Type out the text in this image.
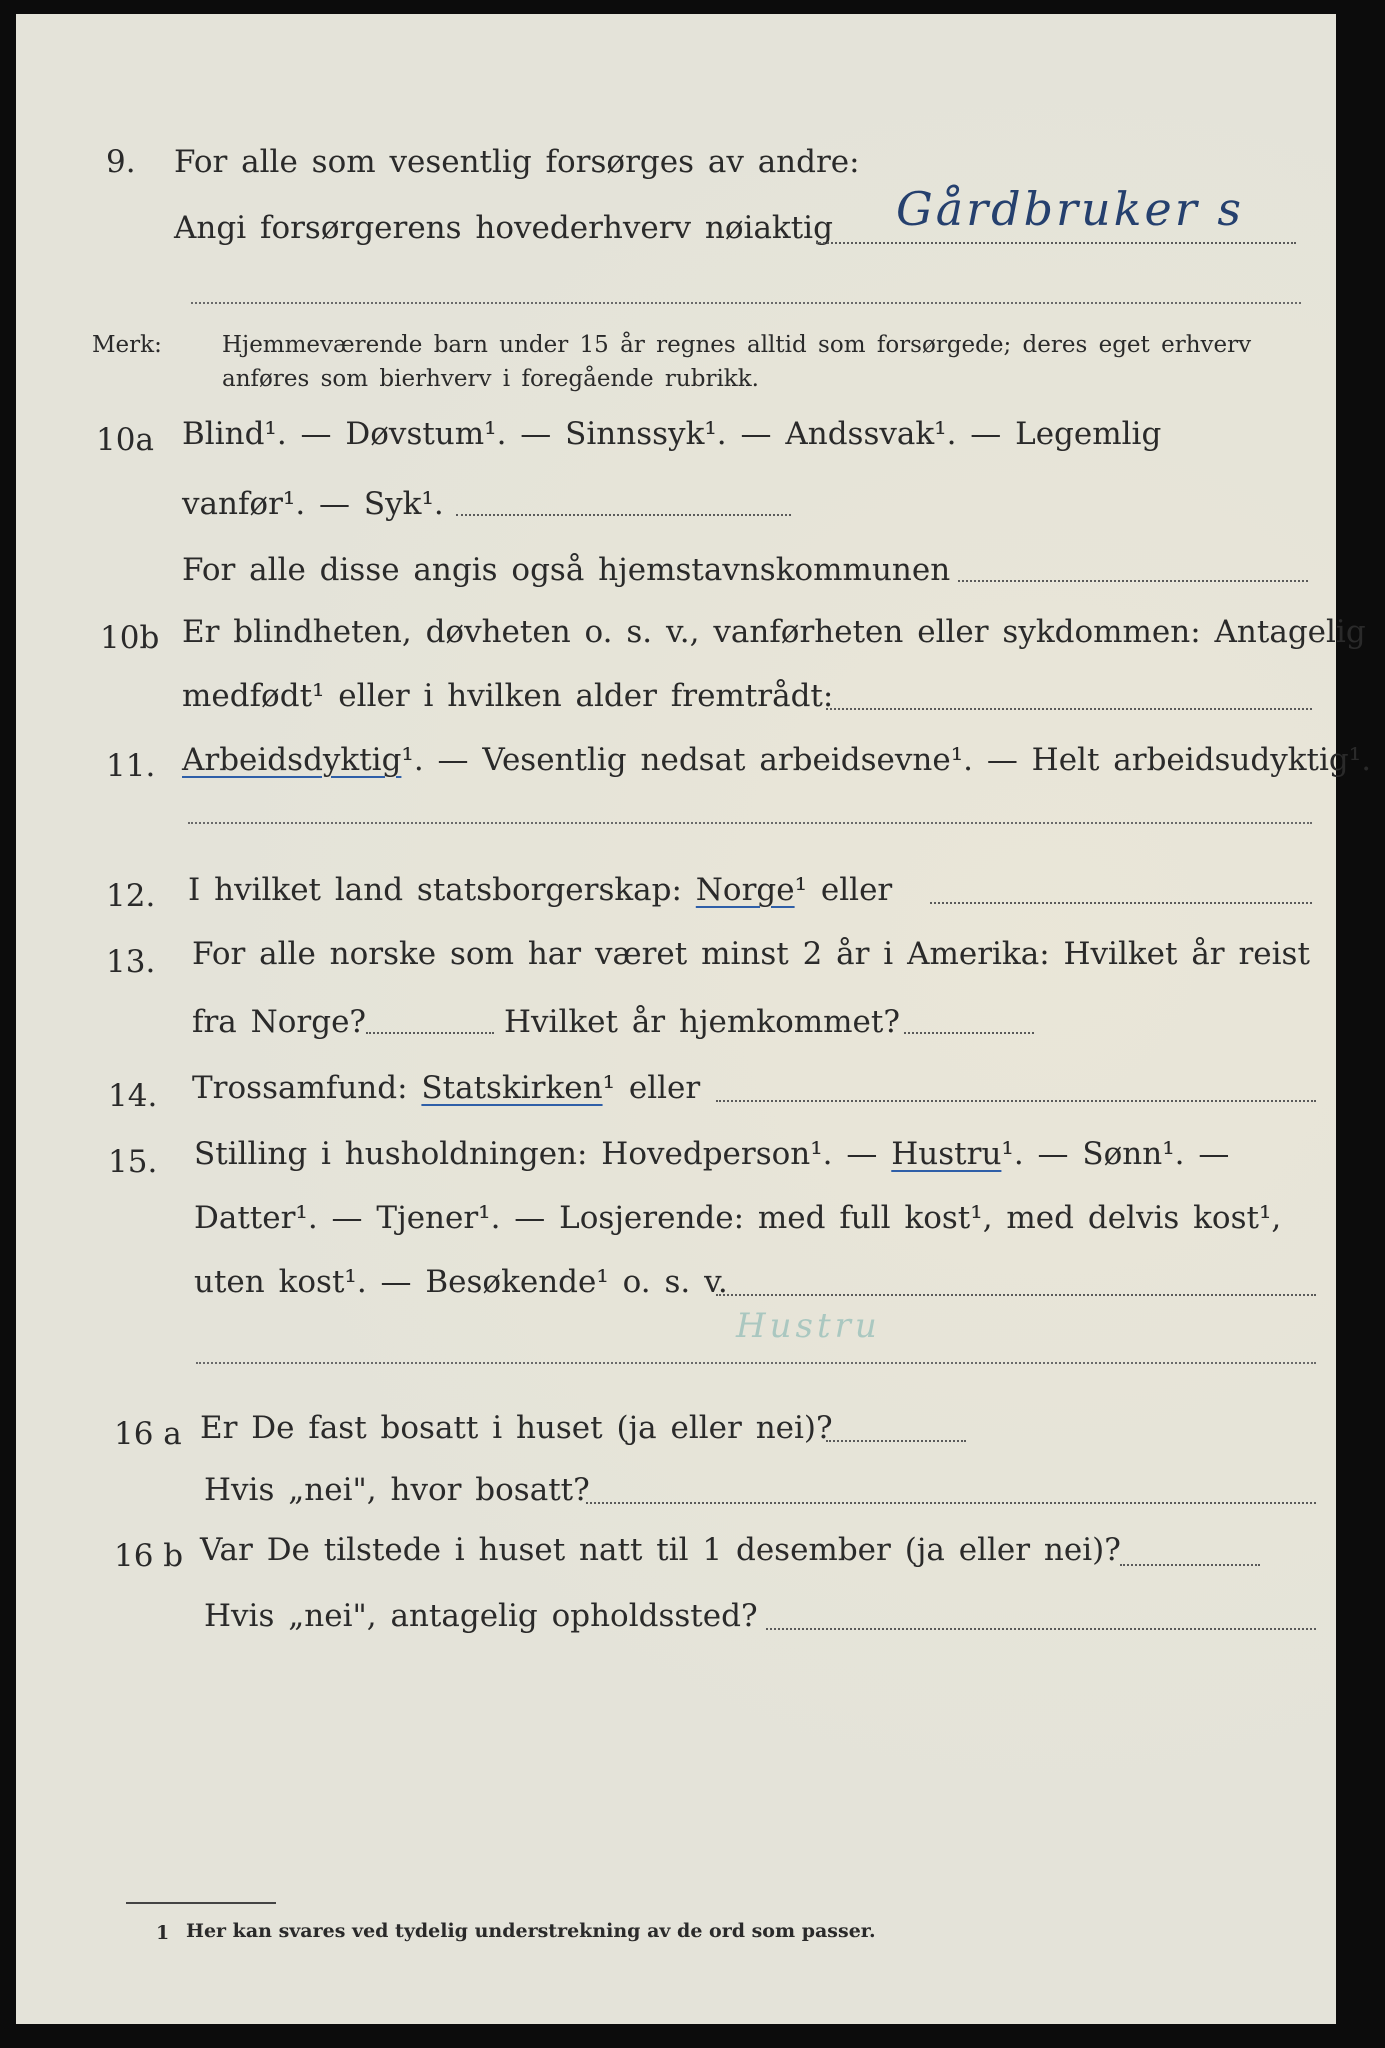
9. For alle som vesentlig forsørges av andre:
Angi forsørgerens hovederhverv nøiaktig Gårdbruker s
Merk:	Hjemmeværende barn under 15 år regnes alltid som forsørgede; deres eget erhverv
anføres som bierhverv i foregående rubrikk.
10a Blind¹. — Døvstum¹. — Sinnssyk¹. — Andssvak¹. — Legemlig
vanfør¹. — Syk¹.
For alle disse angis også hjemstavnskommunen
10b Er blindheten, døvheten o. s. v., vanførheten eller sykdommen: Antagelig
medfødt¹ eller i hvilken alder fremtrådt:
11. Arbeidsdyktig¹. — Vesentlig nedsat arbeidsevne¹. — Helt arbeidsudyktig¹.
12. I hvilket land statsborgerskap: Norge¹ eller
13. For alle norske som har været minst 2 år i Amerika: Hvilket år reist
fra Norge?	Hvilket år hjemkommet?
14. Trossamfund: Statskirken¹ eller
15. Stilling i husholdningen: Hovedperson¹. — Hustru¹. — Sønn¹. —
Datter¹. — Tjener¹. — Losjerende: med full kost¹, med delvis kost¹,
uten kost¹. — Besøkende¹ o. s. v.
Hustru
16 a Er De fast bosatt i huset (ja eller nei)?
Hvis „nei", hvor bosatt?
16 b Var De tilstede i huset natt til 1 desember (ja eller nei)?
Hvis „nei", antagelig opholdssted?
1 Her kan svares ved tydelig understrekning av de ord som passer.
